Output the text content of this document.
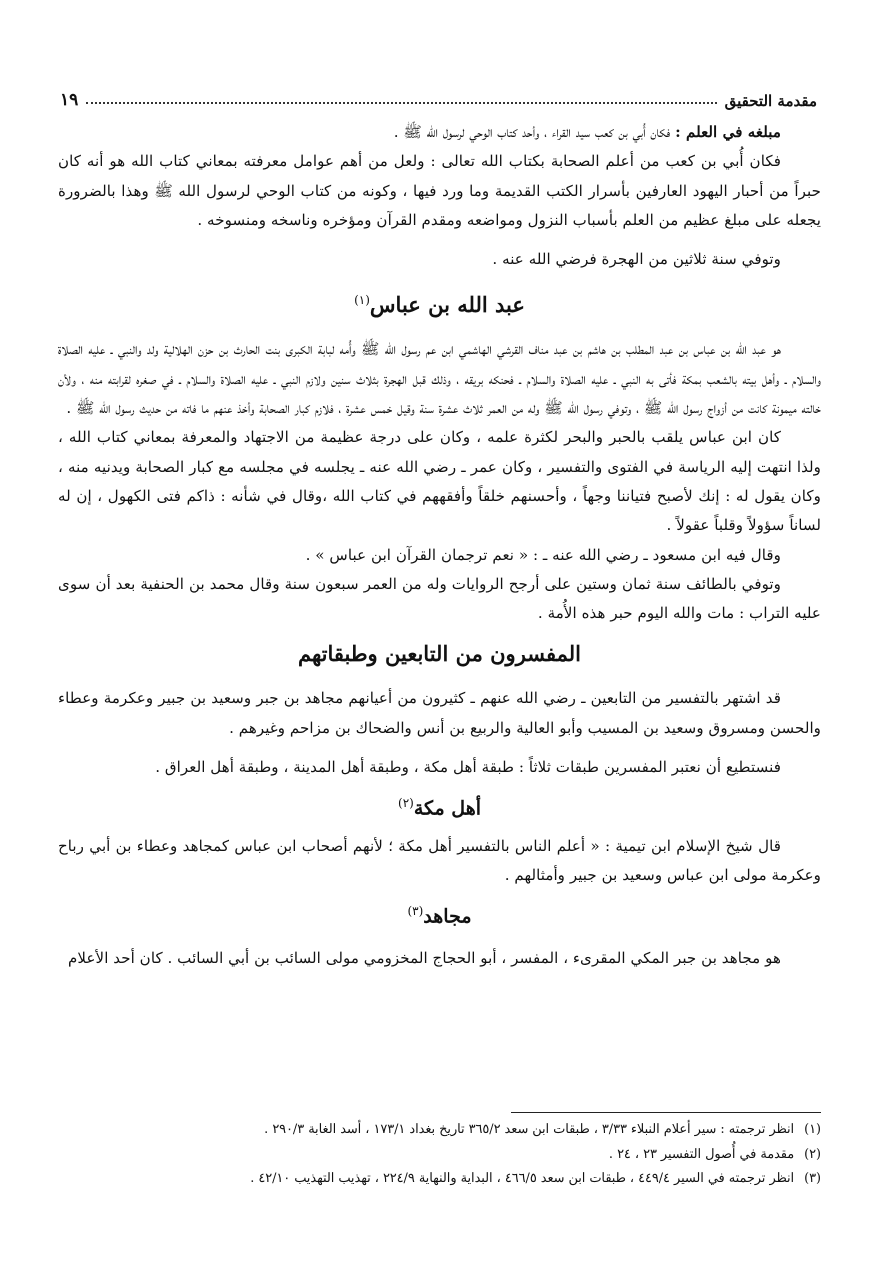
مقدمة التحقيق
١٩

مبلغه في العلم : فكان أُبي بن كعب سيد القراء ، وأحد كتاب الوحي لرسول الله ﷺ .

فكان أُبي بن كعب من أعلم الصحابة بكتاب الله تعالى : ولعل من أهم عوامل معرفته بمعاني كتاب الله هو أنه كان حبراً من أحبار اليهود العارفين بأسرار الكتب القديمة وما ورد فيها ، وكونه من كتاب الوحي لرسول الله ﷺ وهذا بالضرورة يجعله على مبلغ عظيم من العلم بأسباب النزول ومواضعه ومقدم القرآن ومؤخره وناسخه ومنسوخه .

وتوفي سنة ثلاثين من الهجرة فرضي الله عنه .

عبد الله بن عباس$^{(١)}$

هو عبد الله بن عباس بن عبد المطلب بن هاشم بن عبد مناف القرشي الهاشمي ابن عم رسول الله ﷺ وأُمه لبابة الكبرى بنت الحارث بن حزن الهلالية ولد والنبي ـ عليه الصلاة والسلام ـ وأهل بيته بالشعب بمكة فأتى به النبي ـ عليه الصلاة والسلام ـ فحنكه بريقه ، وذلك قبل الهجرة بثلاث سنين ولازم النبي ـ عليه الصلاة والسلام ـ في صغره لقرابته منه ، ولأن خالته ميمونة كانت من أزواج رسول الله ﷺ ، وتوفي رسول الله ﷺ وله من العمر ثلاث عشرة سنة وقيل خمس عشرة ، فلازم كبار الصحابة وأخذ عنهم ما فاته من حديث رسول الله ﷺ .

كان ابن عباس يلقب بالحبر والبحر لكثرة علمه ، وكان على درجة عظيمة من الاجتهاد والمعرفة بمعاني كتاب الله ، ولذا انتهت إليه الرياسة في الفتوى والتفسير ، وكان عمر ـ رضي الله عنه ـ يجلسه في مجلسه مع كبار الصحابة ويدنيه منه ، وكان يقول له : إنك لأصبح فتياننا وجهاً ، وأحسنهم خلقاً وأفقههم في كتاب الله ،وقال في شأنه : ذاكم فتى الكهول ، إن له لساناً سؤولاً وقلباً عقولاً .

وقال فيه ابن مسعود ـ رضي الله عنه ـ : « نعم ترجمان القرآن ابن عباس » .

وتوفي بالطائف سنة ثمان وستين على أرجح الروايات وله من العمر سبعون سنة وقال محمد بن الحنفية بعد أن سوى عليه التراب : مات والله اليوم حبر هذه الأُمة .

المفسرون من التابعين وطبقاتهم

قد اشتهر بالتفسير من التابعين ـ رضي الله عنهم ـ كثيرون من أعيانهم مجاهد بن جبر وسعيد بن جبير وعكرمة وعطاء والحسن ومسروق وسعيد بن المسيب وأبو العالية والربيع بن أنس والضحاك بن مزاحم وغيرهم .

فنستطيع أن نعتبر المفسرين طبقات ثلاثاً : طبقة أهل مكة ، وطبقة أهل المدينة ، وطبقة أهل العراق .

أهل مكة$^{(٢)}$

قال شيخ الإسلام ابن تيمية : « أعلم الناس بالتفسير أهل مكة ؛ لأنهم أصحاب ابن عباس كمجاهد وعطاء بن أبي رباح وعكرمة مولى ابن عباس وسعيد بن جبير وأمثالهم .

مجاهد$^{(٣)}$

هو مجاهد بن جبر المكي المقرىء ، المفسر ، أبو الحجاج المخزومي مولى السائب بن أبي السائب . كان أحد الأعلام

(١)انظر ترجمته : سير أعلام النبلاء ٣/٣٣ ، طبقات ابن سعد ٣٦٥/٢ تاريخ بغداد ١٧٣/١ ، أسد الغابة ٢٩٠/٣ .
(٢)مقدمة في أُصول التفسير ٢٣ ، ٢٤ .
(٣)انظر ترجمته في السير ٤٤٩/٤ ، طبقات ابن سعد ٤٦٦/٥ ، البداية والنهاية ٢٢٤/٩ ، تهذيب التهذيب ٤٢/١٠ .
